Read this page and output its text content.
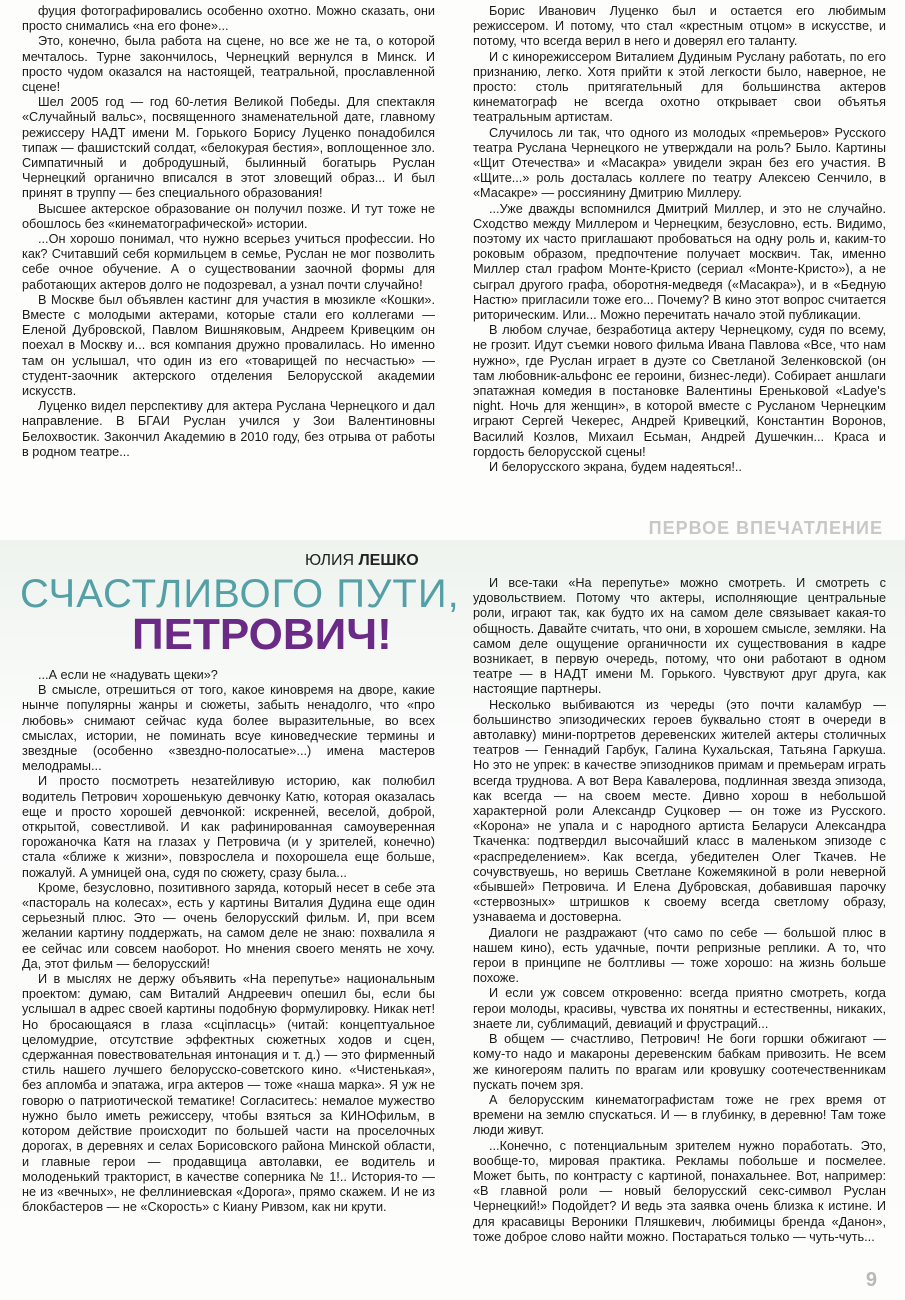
фуция фотографировались особенно охотно. Можно сказать, они просто снимались «на его фоне»...

Это, конечно, была работа на сцене, но все же не та, о которой мечталось. Турне закончилось, Чернецкий вернулся в Минск. И просто чудом оказался на настоящей, театральной, прославленной сцене!

Шел 2005 год — год 60-летия Великой Победы. Для спектакля «Случайный вальс», посвященного знаменательной дате, главному режиссеру НАДТ имени М. Горького Борису Луценко понадобился типаж — фашистский солдат, «белокурая бестия», воплощенное зло. Симпатичный и добродушный, былинный богатырь Руслан Чернецкий органично вписался в этот зловещий образ... И был принят в труппу — без специального образования!

Высшее актерское образование он получил позже. И тут тоже не обошлось без «кинематографической» истории.

...Он хорошо понимал, что нужно всерьез учиться профессии. Но как? Считавший себя кормильцем в семье, Руслан не мог позволить себе очное обучение. А о существовании заочной формы для работающих актеров долго не подозревал, а узнал почти случайно!

В Москве был объявлен кастинг для участия в мюзикле «Кошки». Вместе с молодыми актерами, которые стали его коллегами — Еленой Дубровской, Павлом Вишняковым, Андреем Кривецким он поехал в Москву и... вся компания дружно провалилась. Но именно там он услышал, что один из его «товарищей по несчастью» — студент-заочник актерского отделения Белорусской академии искусств.

Луценко видел перспективу для актера Руслана Чернецкого и дал направление. В БГАИ Руслан учился у Зои Валентиновны Белохвостик. Закончил Академию в 2010 году, без отрыва от работы в родном театре...

Борис Иванович Луценко был и остается его любимым режиссером. И потому, что стал «крестным отцом» в искусстве, и потому, что всегда верил в него и доверял его таланту.

И с кинорежиссером Виталием Дудиным Руслану работать, по его признанию, легко. Хотя прийти к этой легкости было, наверное, не просто: столь притягательный для большинства актеров кинематограф не всегда охотно открывает свои объятья театральным артистам.

Случилось ли так, что одного из молодых «премьеров» Русского театра Руслана Чернецкого не утверждали на роль? Было. Картины «Щит Отечества» и «Масакра» увидели экран без его участия. В «Щите...» роль досталась коллеге по театру Алексею Сенчило, в «Масакре» — россиянину Дмитрию Миллеру.

...Уже дважды вспомнился Дмитрий Миллер, и это не случайно. Сходство между Миллером и Чернецким, безусловно, есть. Видимо, поэтому их часто приглашают пробоваться на одну роль и, каким-то роковым образом, предпочтение получает москвич. Так, именно Миллер стал графом Монте-Кристо (сериал «Монте-Кристо»), а не сыграл другого графа, оборотня-медведя («Масакра»), и в «Бедную Настю» пригласили тоже его... Почему? В кино этот вопрос считается риторическим. Или... Можно перечитать начало этой публикации.

В любом случае, безработица актеру Чернецкому, судя по всему, не грозит. Идут съемки нового фильма Ивана Павлова «Все, что нам нужно», где Руслан играет в дуэте со Светланой Зеленковской (он там любовник-альфонс ее героини, бизнес-леди). Собирает аншлаги эпатажная комедия в постановке Валентины Ереньковой «Ladye's night. Ночь для женщин», в которой вместе с Русланом Чернецким играют Сергей Чекерес, Андрей Кривецкий, Константин Воронов, Василий Козлов, Михаил Есьман, Андрей Душечкин... Краса и гордость белорусской сцены!

И белорусского экрана, будем надеяться!..

ПЕРВОЕ ВПЕЧАТЛЕНИЕ
ЮЛИЯ ЛЕШКО
СЧАСТЛИВОГО ПУТИ,
ПЕТРОВИЧ!

...А если не «надувать щеки»?

В смысле, отрешиться от того, какое киновремя на дворе, какие нынче популярны жанры и сюжеты, забыть ненадолго, что «про любовь» снимают сейчас куда более выразительные, во всех смыслах, истории, не поминать всуе киноведческие термины и звездные (особенно «звездно-полосатые»...) имена мастеров мелодрамы...

И просто посмотреть незатейливую историю, как полюбил водитель Петрович хорошенькую девчонку Катю, которая оказалась еще и просто хорошей девчонкой: искренней, веселой, доброй, открытой, совестливой. И как рафинированная самоуверенная горожаночка Катя на глазах у Петровича (и у зрителей, конечно) стала «ближе к жизни», повзрослела и похорошела еще больше, пожалуй. А умницей она, судя по сюжету, сразу была...

Кроме, безусловно, позитивного заряда, который несет в себе эта «пастораль на колесах», есть у картины Виталия Дудина еще один серьезный плюс. Это — очень белорусский фильм. И, при всем желании картину поддержать, на самом деле не знаю: похвалила я ее сейчас или совсем наоборот. Но мнения своего менять не хочу. Да, этот фильм — белорусский!

И в мыслях не держу объявить «На перепутье» национальным проектом: думаю, сам Виталий Андреевич опешил бы, если бы услышал в адрес своей картины подобную формулировку. Никак нет! Но бросающаяся в глаза «сціпласць» (читай: концептуальное целомудрие, отсутствие эффектных сюжетных ходов и сцен, сдержанная повествовательная интонация и т. д.) — это фирменный стиль нашего лучшего белорусско-советского кино. «Чистенькая», без апломба и эпатажа, игра актеров — тоже «наша марка». Я уж не говорю о патриотической тематике! Согласитесь: немалое мужество нужно было иметь режиссеру, чтобы взяться за КИНОфильм, в котором действие происходит по большей части на проселочных дорогах, в деревнях и селах Борисовского района Минской области, и главные герои — продавщица автолавки, ее водитель и молоденький тракторист, в качестве соперника № 1!.. История-то — не из «вечных», не феллиниевская «Дорога», прямо скажем. И не из блокбастеров — не «Скорость» с Киану Ривзом, как ни крути.

И все-таки «На перепутье» можно смотреть. И смотреть с удовольствием. Потому что актеры, исполняющие центральные роли, играют так, как будто их на самом деле связывает какая-то общность. Давайте считать, что они, в хорошем смысле, земляки. На самом деле ощущение органичности их существования в кадре возникает, в первую очередь, потому, что они работают в одном театре — в НАДТ имени М. Горького. Чувствуют друг друга, как настоящие партнеры.

Несколько выбиваются из череды (это почти каламбур — большинство эпизодических героев буквально стоят в очереди в автолавку) мини-портретов деревенских жителей актеры столичных театров — Геннадий Гарбук, Галина Кухальская, Татьяна Гаркуша. Но это не упрек: в качестве эпизодников примам и премьерам играть всегда труднова. А вот Вера Кавалерова, подлинная звезда эпизода, как всегда — на своем месте. Дивно хорош в небольшой характерной роли Александр Суцковер — он тоже из Русского. «Корона» не упала и с народного артиста Беларуси Александра Ткаченка: подтвердил высочайший класс в маленьком эпизоде с «распределением». Как всегда, убедителен Олег Ткачев. Не сочувствуешь, но веришь Светлане Кожемякиной в роли неверной «бывшей» Петровича. И Елена Дубровская, добавившая парочку «стервозных» штришков к своему всегда светлому образу, узнаваема и достоверна.

Диалоги не раздражают (что само по себе — большой плюс в нашем кино), есть удачные, почти репризные реплики. А то, что герои в принципе не болтливы — тоже хорошо: на жизнь больше похоже.

И если уж совсем откровенно: всегда приятно смотреть, когда герои молоды, красивы, чувства их понятны и естественны, никаких, знаете ли, сублимаций, девиаций и фрустраций...

В общем — счастливо, Петрович! Не боги горшки обжигают — кому-то надо и макароны деревенским бабкам привозить. Не всем же киногероям палить по врагам или кровушку соотечественникам пускать почем зря.

А белорусским кинематографистам тоже не грех время от времени на землю спускаться. И — в глубинку, в деревню! Там тоже люди живут.

...Конечно, с потенциальным зрителем нужно поработать. Это, вообще-то, мировая практика. Рекламы побольше и посмелее. Может быть, по контрасту с картиной, понахальнее. Вот, например: «В главной роли — новый белорусский секс-символ Руслан Чернецкий!» Подойдет? И ведь эта заявка очень близка к истине. И для красавицы Вероники Пляшкевич, любимицы бренда «Данон», тоже доброе слово найти можно. Постараться только — чуть-чуть...

9
